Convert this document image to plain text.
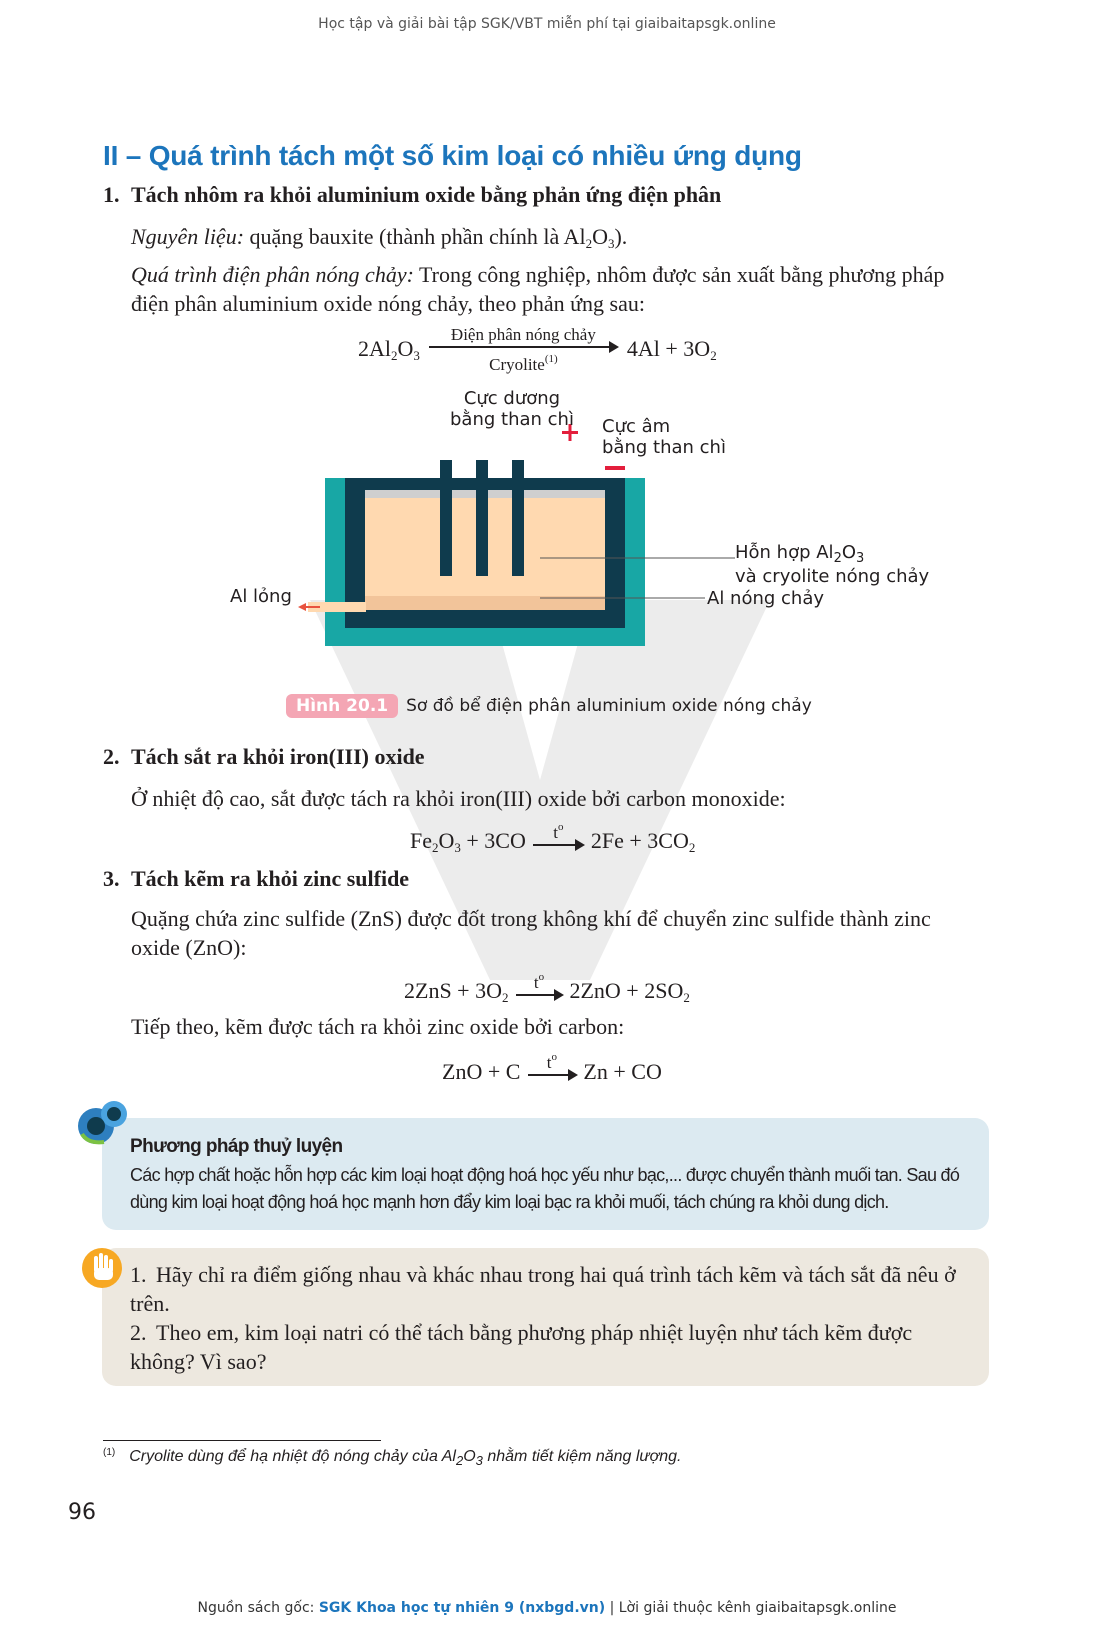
Học tập và giải bài tập SGK/VBT miễn phí tại giaibaitapsgk.online
II – Quá trình tách một số kim loại có nhiều ứng dụng
1. Tách nhôm ra khỏi aluminium oxide bằng phản ứng điện phân
Nguyên liệu: quặng bauxite (thành phần chính là $Al_2O_3$).
Quá trình điện phân nóng chảy: Trong công nghiệp, nhôm được sản xuất bằng phương pháp điện phân aluminium oxide nóng chảy, theo phản ứng sau:
$2Al_2O_3$
Điện phân nóng chảy
Cryolite$^{(1)}$	$4Al + 3O_2$
Cực dương
bằng than chì Cực âm
bằng than chì
Hỗn hợp $Al_2O_3$
và cryolite nóng chảy
Al nóng chảy
Al lỏng
Hình 20.1 Sơ đồ bể điện phân aluminium oxide nóng chảy
2. Tách sắt ra khỏi iron(III) oxide
Ở nhiệt độ cao, sắt được tách ra khỏi iron(III) oxide bởi carbon monoxide:
$Fe_2O_3 + 3CO$	$t^o$

$2Fe + 3CO_2$
3. Tách kẽm ra khỏi zinc sulfide
Quặng chứa zinc sulfide (ZnS) được đốt trong không khí để chuyển zinc sulfide thành zinc oxide (ZnO):
$2ZnS + 3O_2$
$t^o$

$2ZnO + 2SO_2$
Tiếp theo, kẽm được tách ra khỏi zinc oxide bởi carbon:
ZnO + C	$t^o$

Zn + CO
Phương pháp thuỷ luyện
Các hợp chất hoặc hỗn hợp các kim loại hoạt động hoá học yếu như bạc,... được chuyển thành muối tan. Sau đó dùng kim loại hoạt động hoá học mạnh hơn đẩy kim loại bạc ra khỏi muối, tách chúng ra khỏi dung dịch.
1. Hãy chỉ ra điểm giống nhau và khác nhau trong hai quá trình tách kẽm và tách sắt đã nêu ở trên.
2. Theo em, kim loại natri có thể tách bằng phương pháp nhiệt luyện như tách kẽm được không? Vì sao?
$^{(1)}$ Cryolite dùng để hạ nhiệt độ nóng chảy của $Al_2O_3$ nhằm tiết kiệm năng lượng.
96
Nguồn sách gốc: SGK Khoa học tự nhiên 9 (nxbgd.vn) | Lời giải thuộc kênh giaibaitapsgk.online
